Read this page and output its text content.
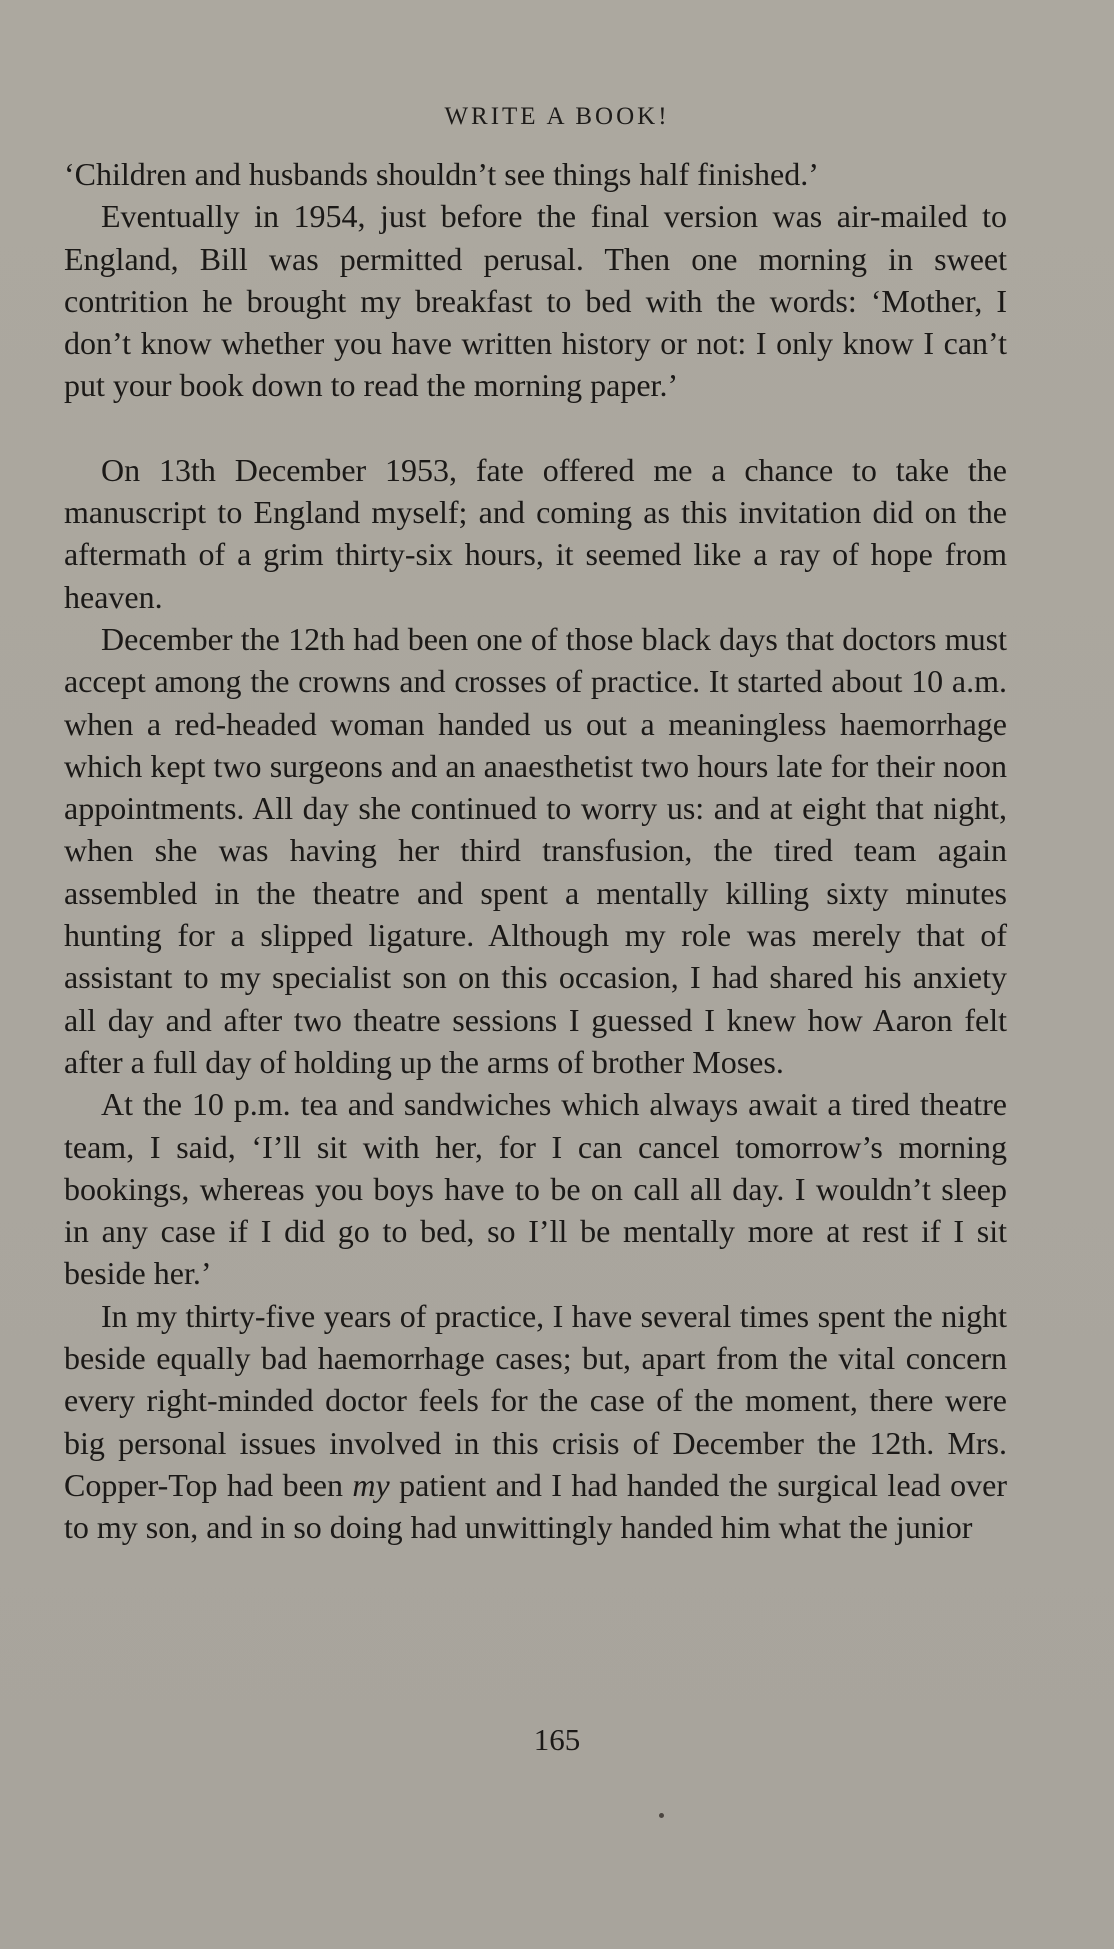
WRITE A BOOK!

‘Children and husbands shouldn’t see things half finished.’

Eventually in 1954, just before the final version was air-mailed to England, Bill was permitted perusal. Then one morning in sweet contrition he brought my breakfast to bed with the words: ‘Mother, I don’t know whether you have written history or not: I only know I can’t put your book down to read the morning paper.’

On 13th December 1953, fate offered me a chance to take the manuscript to England myself; and coming as this invitation did on the aftermath of a grim thirty-six hours, it seemed like a ray of hope from heaven.

December the 12th had been one of those black days that doctors must accept among the crowns and crosses of practice. It started about 10 a.m. when a red-headed woman handed us out a meaningless haemorrhage which kept two surgeons and an anaesthetist two hours late for their noon appointments. All day she continued to worry us: and at eight that night, when she was having her third transfusion, the tired team again assembled in the theatre and spent a mentally killing sixty minutes hunting for a slipped ligature. Although my role was merely that of assistant to my specialist son on this occasion, I had shared his anxiety all day and after two theatre sessions I guessed I knew how Aaron felt after a full day of holding up the arms of brother Moses.

At the 10 p.m. tea and sandwiches which always await a tired theatre team, I said, ‘I’ll sit with her, for I can cancel tomorrow’s morning bookings, whereas you boys have to be on call all day. I wouldn’t sleep in any case if I did go to bed, so I’ll be mentally more at rest if I sit beside her.’

In my thirty-five years of practice, I have several times spent the night beside equally bad haemorrhage cases; but, apart from the vital concern every right-minded doctor feels for the case of the moment, there were big personal issues involved in this crisis of December the 12th. Mrs. Copper-Top had been my patient and I had handed the surgical lead over to my son, and in so doing had unwittingly handed him what the junior

165
